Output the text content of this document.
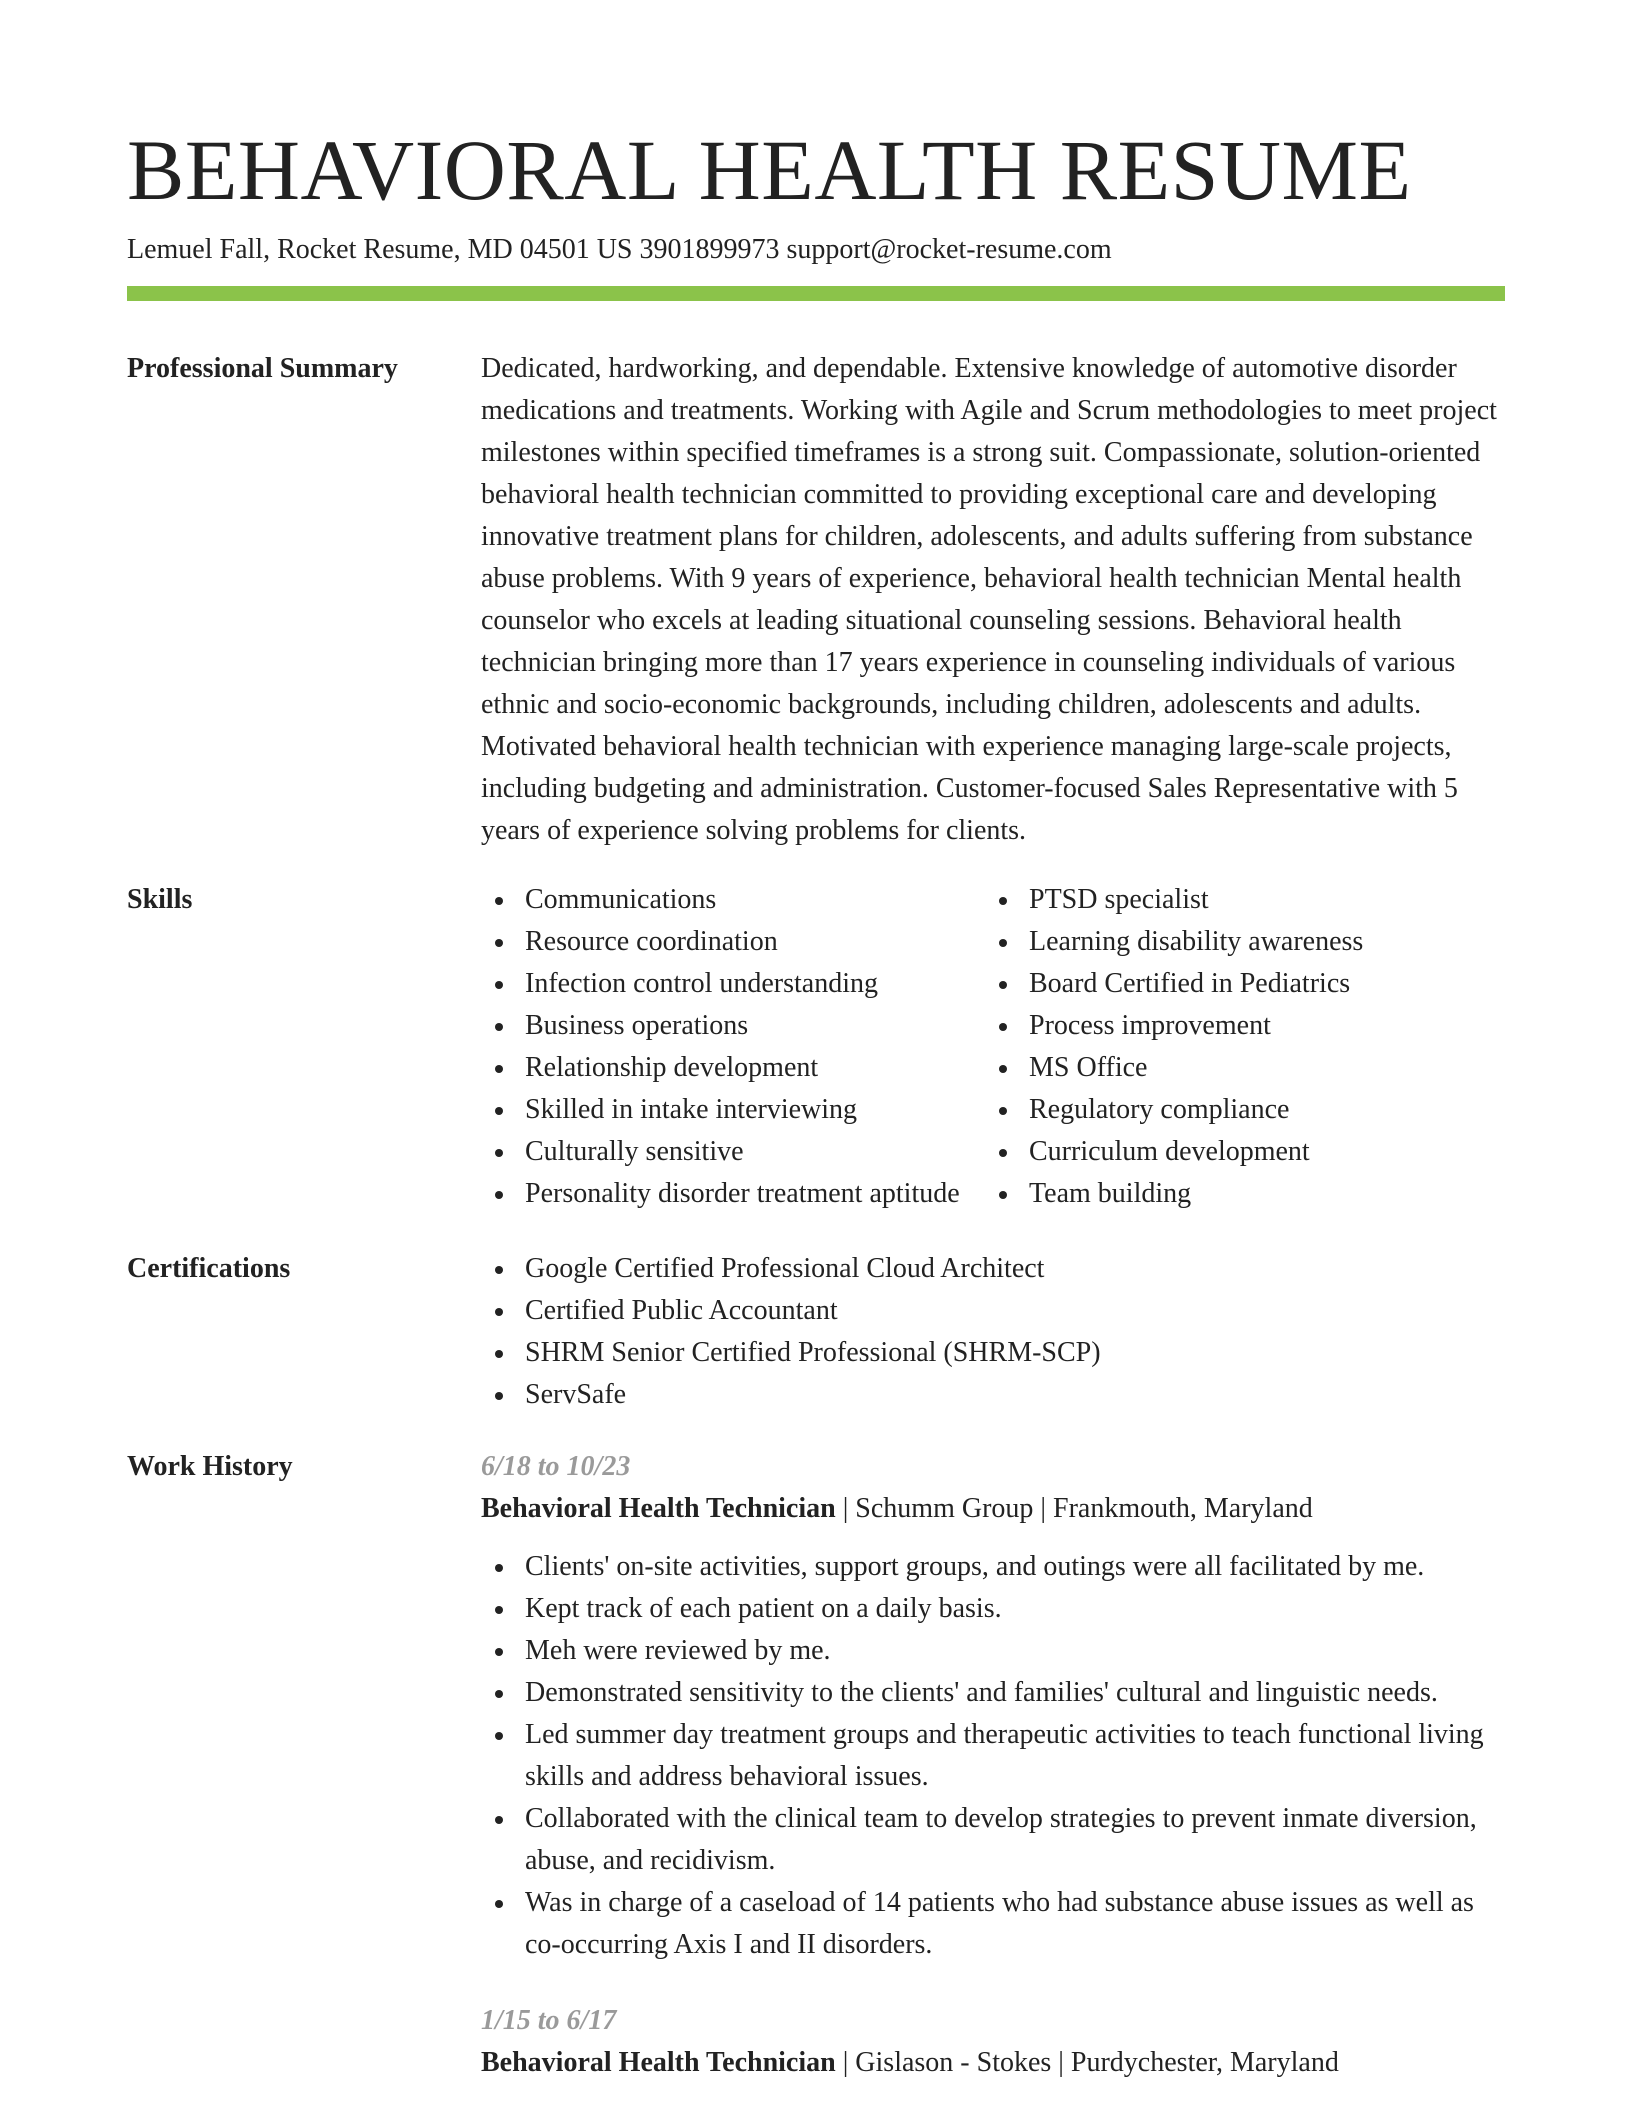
BEHAVIORAL HEALTH RESUME
Lemuel Fall, Rocket Resume, MD 04501 US 3901899973 support@rocket-resume.com
Professional Summary	Dedicated, hardworking, and dependable. Extensive knowledge of automotive disorder medications and treatments. Working with Agile and Scrum methodologies to meet project milestones within specified timeframes is a strong suit. Compassionate, solution-oriented behavioral health technician committed to providing exceptional care and developing innovative treatment plans for children, adolescents, and adults suffering from substance abuse problems. With 9 years of experience, behavioral health technician Mental health counselor who excels at leading situational counseling sessions. Behavioral health technician bringing more than 17 years experience in counseling individuals of various ethnic and socio-economic backgrounds, including children, adolescents and adults. Motivated behavioral health technician with experience managing large-scale projects, including budgeting and administration. Customer-focused Sales Representative with 5 years of experience solving problems for clients.

Skills	Communications
Resource coordination
Infection control understanding
Business operations
Relationship development
Skilled in intake interviewing
Culturally sensitive
Personality disorder treatment aptitude
PTSD specialist
Learning disability awareness
Board Certified in Pediatrics
Process improvement
MS Office
Regulatory compliance
Curriculum development
Team building
Certifications	Google Certified Professional Cloud Architect
Certified Public Accountant
SHRM Senior Certified Professional (SHRM-SCP)
ServSafe
Work History	6/18 to 10/23
Behavioral Health Technician | Schumm Group | Frankmouth, Maryland
Clients' on-site activities, support groups, and outings were all facilitated by me.
Kept track of each patient on a daily basis.
Meh were reviewed by me.
Demonstrated sensitivity to the clients' and families' cultural and linguistic needs.
Led summer day treatment groups and therapeutic activities to teach functional living skills and address behavioral issues.
Collaborated with the clinical team to develop strategies to prevent inmate diversion, abuse, and recidivism.
Was in charge of a caseload of 14 patients who had substance abuse issues as well as co-occurring Axis I and II disorders.
1/15 to 6/17
Behavioral Health Technician | Gislason - Stokes | Purdychester, Maryland
